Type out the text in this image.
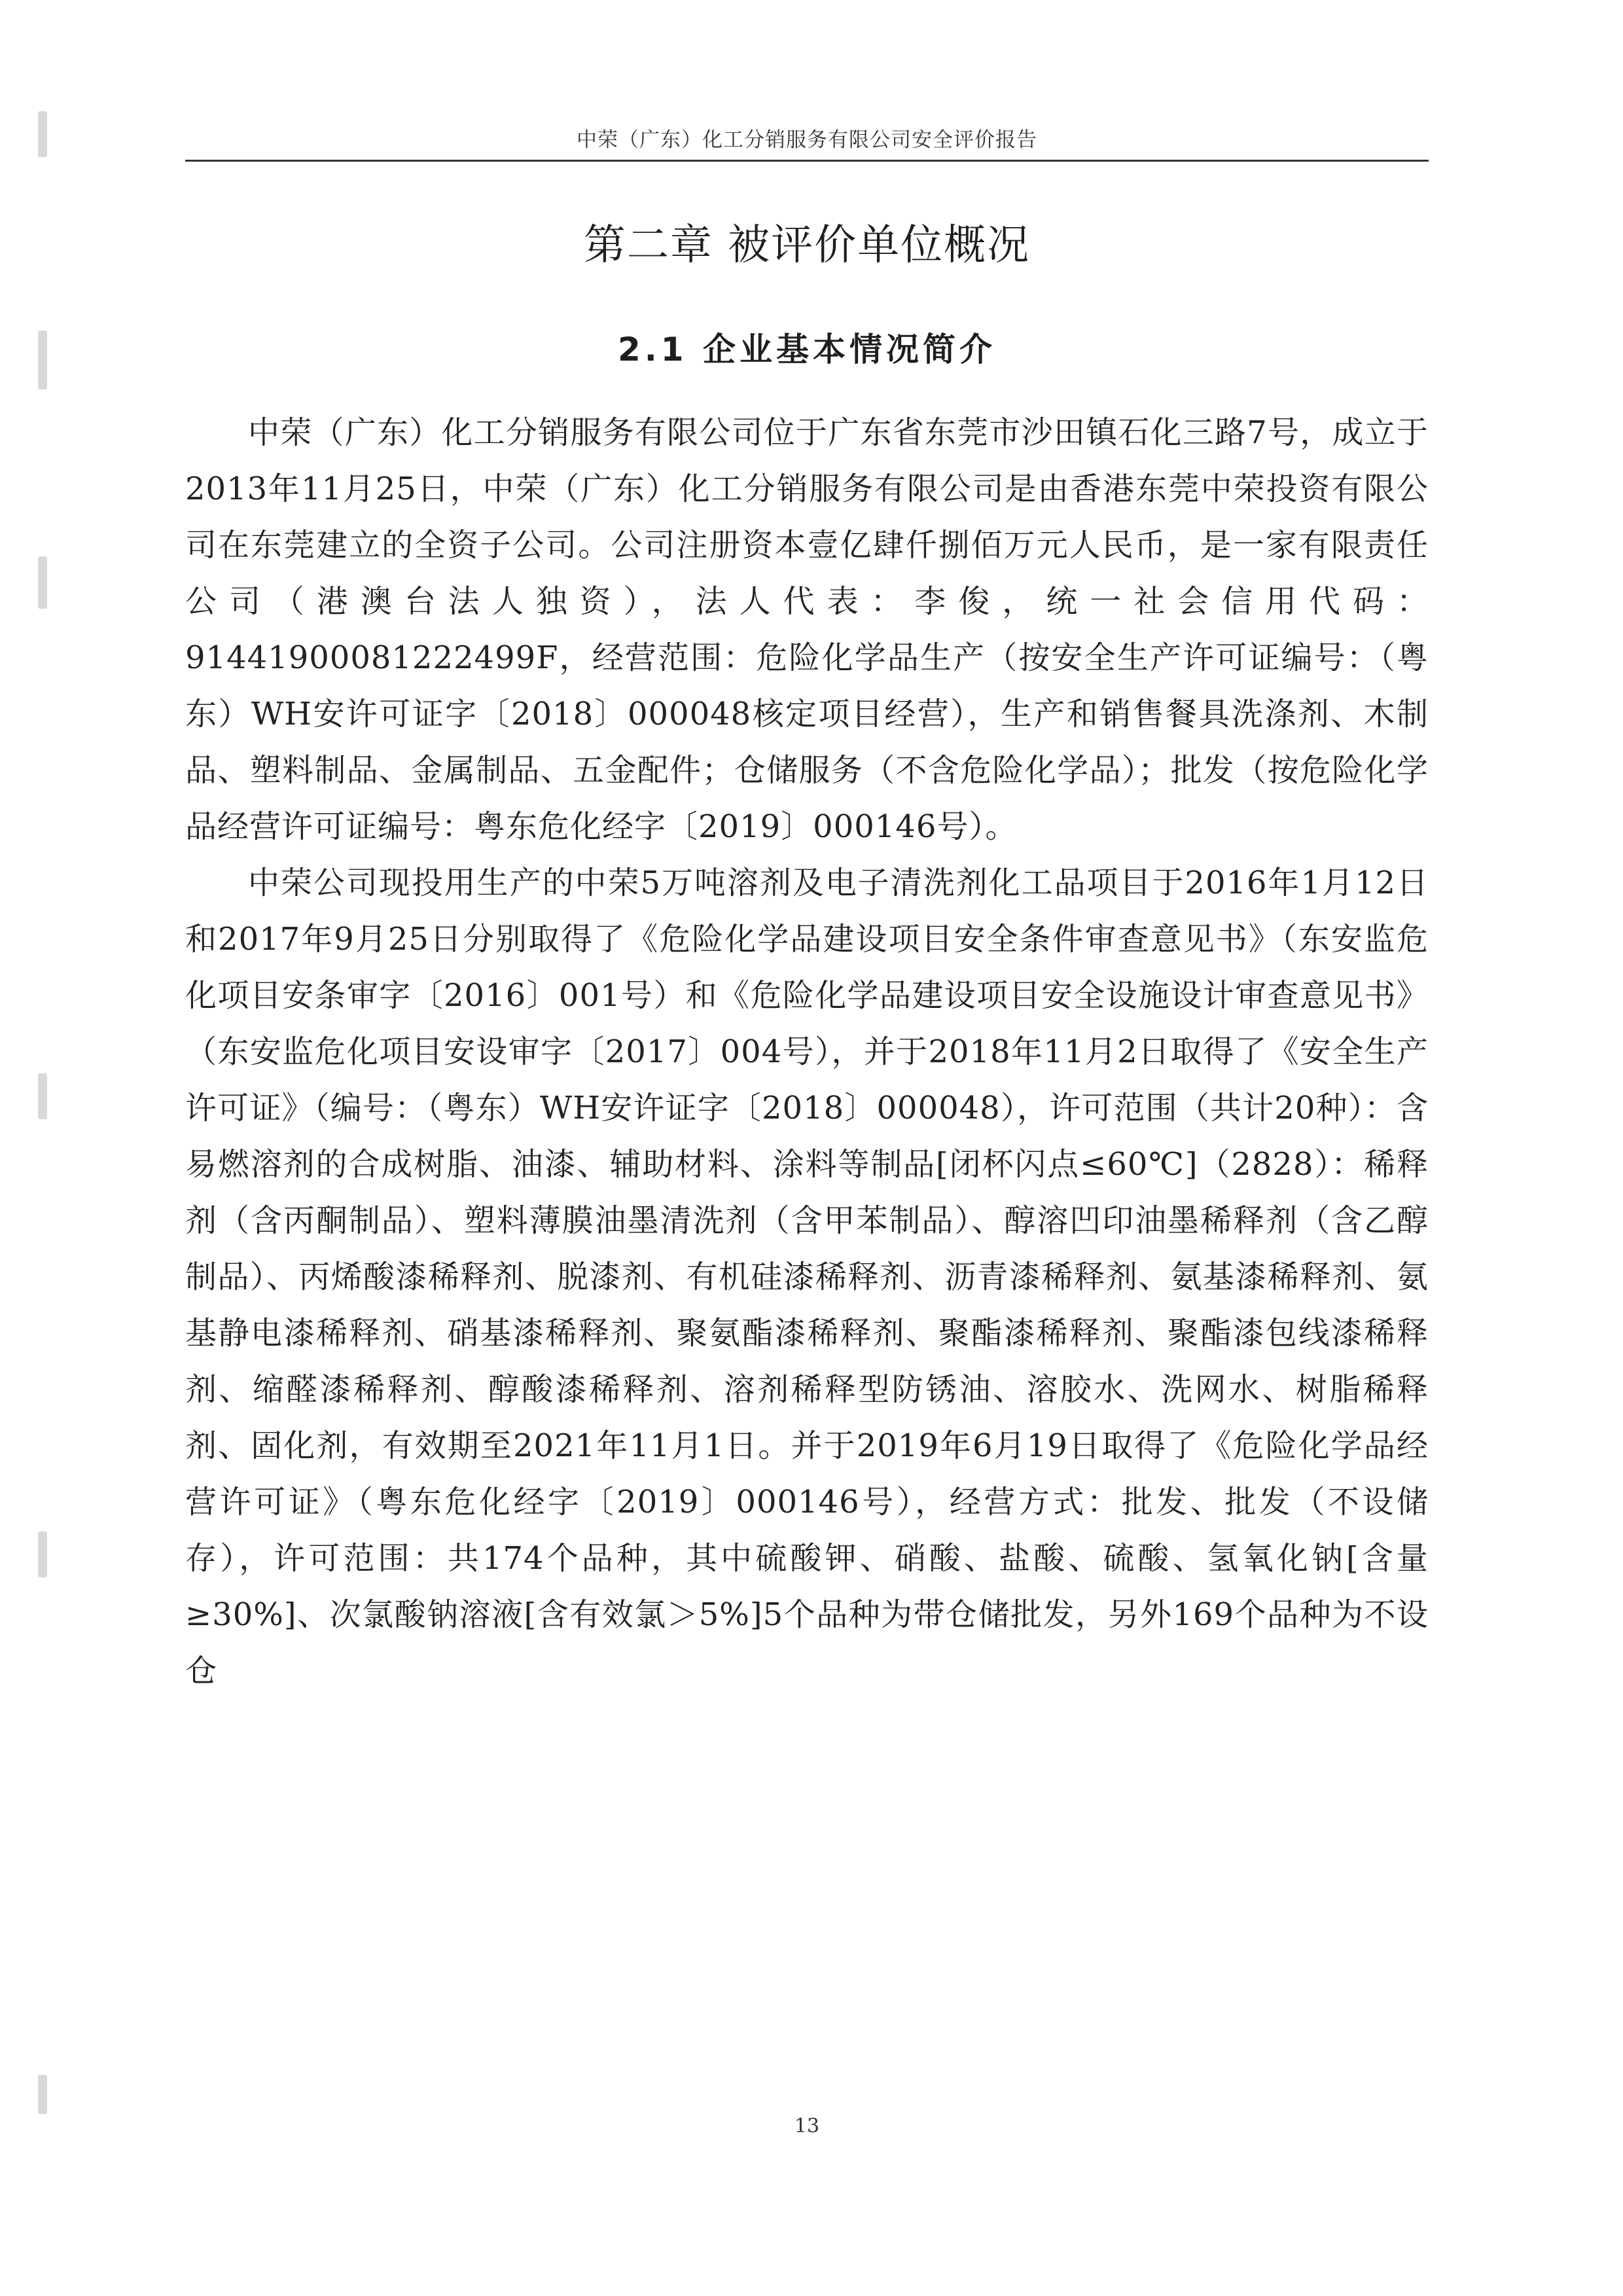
中荣（广东）化工分销服务有限公司安全评价报告
第二章 被评价单位概况
2.1 企业基本情况简介

中荣（广东）化工分销服务有限公司位于广东省东莞市沙田镇石化三路7号，成立于2013年11月25日，中荣（广东）化工分销服务有限公司是由香港东莞中荣投资有限公司在东莞建立的全资子公司。公司注册资本壹亿肆仟捌佰万元人民币，是一家有限责任公司（港澳台法人独资），法人代表：李俊，统一社会信用代码：91441900081222499F，经营范围：危险化学品生产（按安全生产许可证编号：（粤东）WH安许可证字〔2018〕000048核定项目经营），生产和销售餐具洗涤剂、木制品、塑料制品、金属制品、五金配件；仓储服务（不含危险化学品）；批发（按危险化学品经营许可证编号：粤东危化经字〔2019〕000146号）。

中荣公司现投用生产的中荣5万吨溶剂及电子清洗剂化工品项目于2016年1月12日和2017年9月25日分别取得了《危险化学品建设项目安全条件审查意见书》（东安监危化项目安条审字〔2016〕001号）和《危险化学品建设项目安全设施设计审查意见书》（东安监危化项目安设审字〔2017〕004号），并于2018年11月2日取得了《安全生产许可证》（编号：（粤东）WH安许证字〔2018〕000048），许可范围（共计20种）：含易燃溶剂的合成树脂、油漆、辅助材料、涂料等制品[闭杯闪点≤60℃]（2828）：稀释剂（含丙酮制品）、塑料薄膜油墨清洗剂（含甲苯制品）、醇溶凹印油墨稀释剂（含乙醇制品）、丙烯酸漆稀释剂、脱漆剂、有机硅漆稀释剂、沥青漆稀释剂、氨基漆稀释剂、氨基静电漆稀释剂、硝基漆稀释剂、聚氨酯漆稀释剂、聚酯漆稀释剂、聚酯漆包线漆稀释剂、缩醛漆稀释剂、醇酸漆稀释剂、溶剂稀释型防锈油、溶胶水、洗网水、树脂稀释剂、固化剂，有效期至2021年11月1日。并于2019年6月19日取得了《危险化学品经营许可证》（粤东危化经字〔2019〕000146号），经营方式：批发、批发（不设储存），许可范围：共174个品种，其中硫酸钾、硝酸、盐酸、硫酸、氢氧化钠[含量≥30%]、次氯酸钠溶液[含有效氯＞5%]5个品种为带仓储批发，另外169个品种为不设仓

13
